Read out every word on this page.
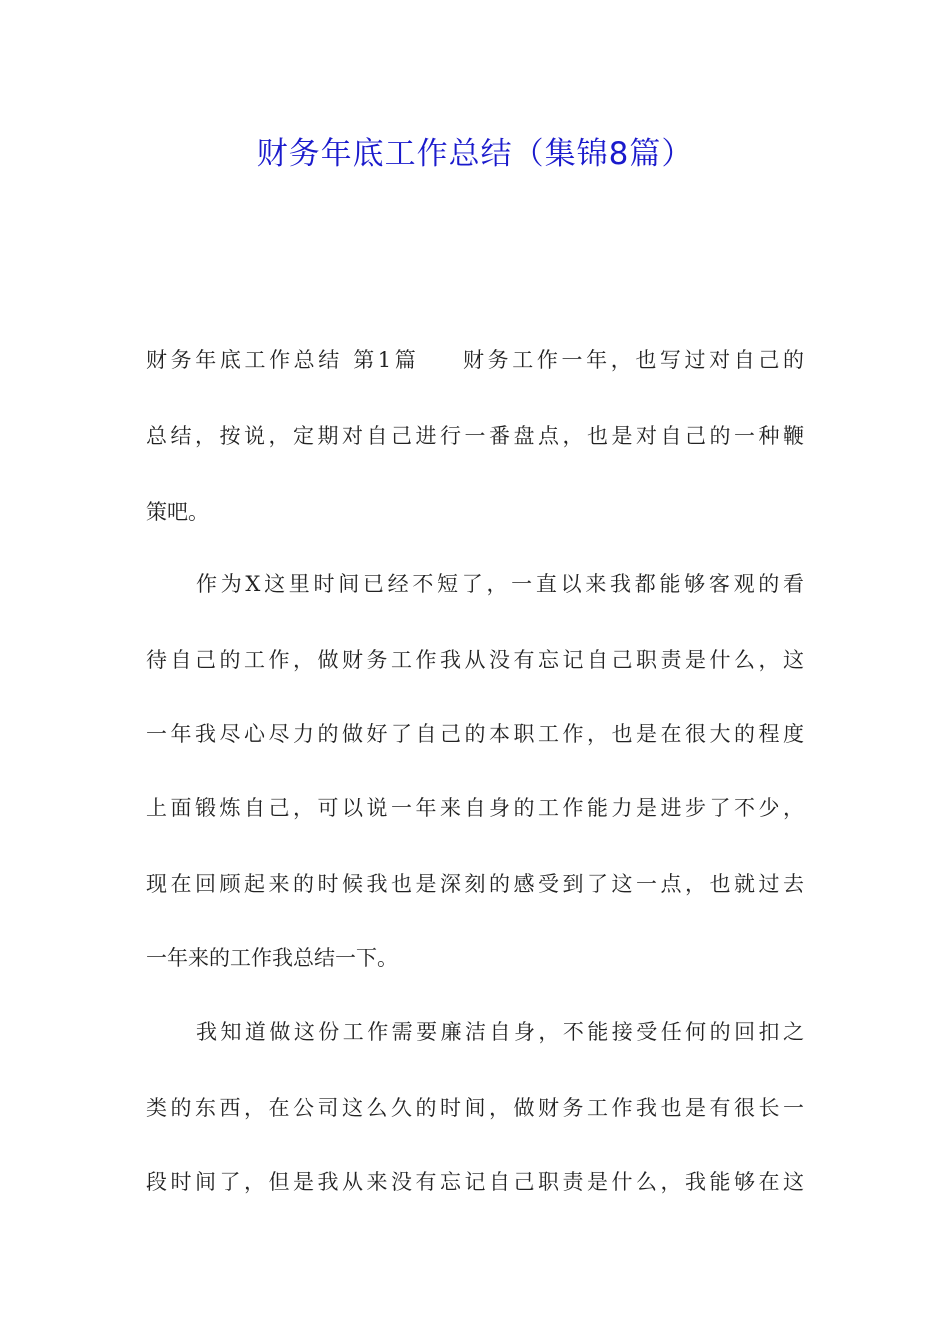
财务年底工作总结（集锦8篇）
财务年底工作总结 第1篇 财务工作一年，也写过对自己的
总结，按说，定期对自己进行一番盘点，也是对自己的一种鞭
策吧。
作为X这里时间已经不短了，一直以来我都能够客观的看
待自己的工作，做财务工作我从没有忘记自己职责是什么，这
一年我尽心尽力的做好了自己的本职工作，也是在很大的程度
上面锻炼自己，可以说一年来自身的工作能力是进步了不少，
现在回顾起来的时候我也是深刻的感受到了这一点，也就过去
一年来的工作我总结一下。
我知道做这份工作需要廉洁自身，不能接受任何的回扣之
类的东西，在公司这么久的时间，做财务工作我也是有很长一
段时间了，但是我从来没有忘记自己职责是什么，我能够在这
